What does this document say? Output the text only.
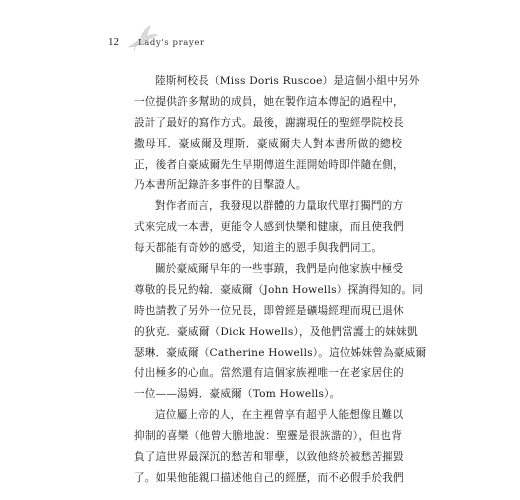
12 Lady's prayer
陸斯柯校長（Miss Doris Ruscoe）是這個小組中另外
一位提供許多幫助的成員，她在製作這本傳記的過程中，
設計了最好的寫作方式。最後，謝謝現任的聖經學院校長
撒母耳．豪威爾及理斯．豪威爾夫人對本書所做的總校
正，後者自豪威爾先生早期傳道生涯開始時即伴隨在側，
乃本書所記錄許多事件的目擊證人。
對作者而言，我發現以群體的力量取代單打獨鬥的方
式來完成一本書，更能令人感到快樂和健康，而且使我們
每天都能有奇妙的感受，知道主的恩手與我們同工。
關於豪威爾早年的一些事蹟，我們是向他家族中極受
尊敬的長兄約翰．豪威爾（John Howells）探詢得知的。同
時也請教了另外一位兄長，即曾經是礦場經理而現已退休
的狄克．豪威爾（Dick Howells），及他們當護士的妹妹凱
瑟琳．豪威爾（Catherine Howells）。這位姊妹曾為豪威爾
付出極多的心血。當然還有這個家族裡唯一在老家居住的
一位——湯姆．豪威爾（Tom Howells）。
這位屬上帝的人，在主裡曾享有超乎人能想像且難以
抑制的喜樂（他曾大膽地說：聖靈是很詼諧的），但也背
負了這世界最深沉的愁苦和罪孽，以致他終於被愁苦摧毀
了。如果他能親口描述他自己的經歷，而不必假手於我們
